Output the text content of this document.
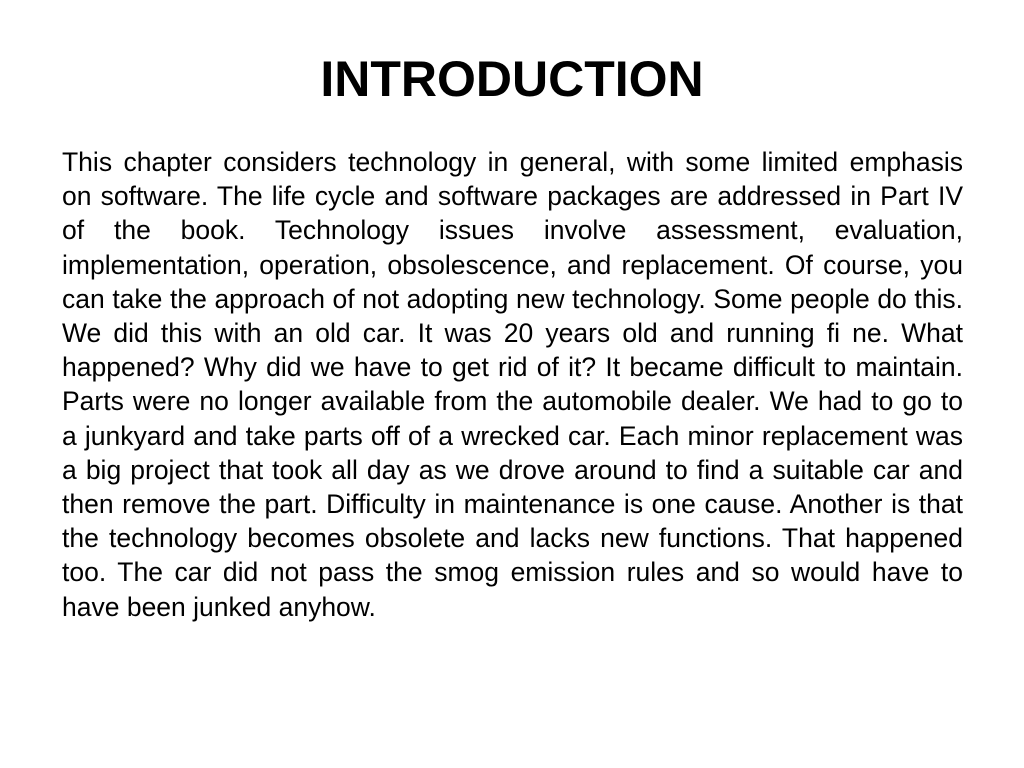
INTRODUCTION

This chapter considers technology in general, with some limited emphasis on software. The life cycle and software packages are addressed in Part IV of the book. Technology issues involve assessment, evaluation, implementation, operation, obsolescence, and replacement. Of course, you can take the approach of not adopting new technology. Some people do this. We did this with an old car. It was 20 years old and running fi ne. What happened? Why did we have to get rid of it? It became difficult to maintain. Parts were no longer available from the automobile dealer. We had to go to a junkyard and take parts off of a wrecked car. Each minor replacement was a big project that took all day as we drove around to find a suitable car and then remove the part. Difficulty in maintenance is one cause. Another is that the technology becomes obsolete and lacks new functions. That happened too. The car did not pass the smog emission rules and so would have to have been junked anyhow.
